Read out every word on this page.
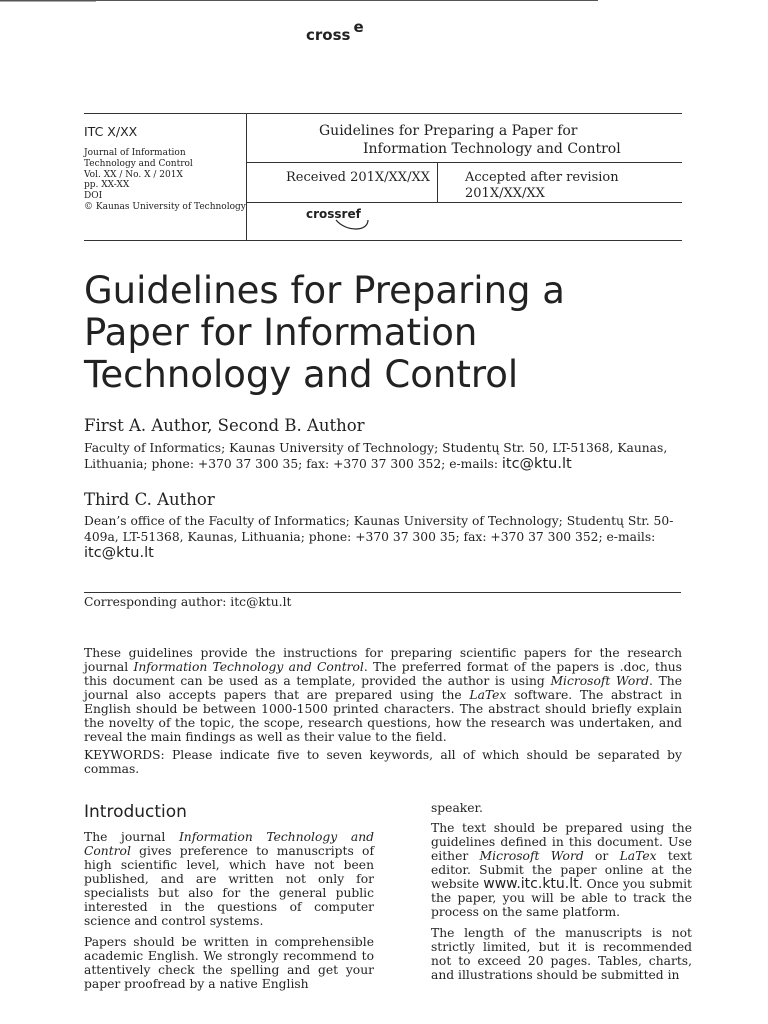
cross $^e$
ITC X/XX
Journal of Information
Technology and Control
Vol. XX / No. X / 201X
pp. XX-XX
DOI
© Kaunas University of Technology
Guidelines for Preparing a Paper for
Information Technology and Control
Received 201X/XX/XX	Accepted after revision
201X/XX/XX
crossref
Guidelines for Preparing a
Paper for Information
Technology and Control
First A. Author, Second B. Author
Faculty of Informatics; Kaunas University of Technology; Studentų Str. 50, LT-51368, Kaunas, Lithuania; phone: +370 37 300 35; fax: +370 37 300 352; e-mails: itc@ktu.lt
Third C. Author
Dean’s office of the Faculty of Informatics; Kaunas University of Technology; Studentų Str. 50-409a, LT-51368, Kaunas, Lithuania; phone: +370 37 300 35; fax: +370 37 300 352; e-mails: itc@ktu.lt
Corresponding author: itc@ktu.lt
These guidelines provide the instructions for preparing scientific papers for the research journal Information Technology and Control. The preferred format of the papers is .doc, thus this document can be used as a template, provided the author is using Microsoft Word. The journal also accepts papers that are prepared using the LaTex software. The abstract in English should be between 1000-1500 printed characters. The abstract should briefly explain the novelty of the topic, the scope, research questions, how the research was undertaken, and reveal the main findings as well as their value to the field.
KEYWORDS: Please indicate five to seven keywords, all of which should be separated by commas.
Introduction

The journal Information Technology and Control gives preference to manuscripts of high scientific level, which have not been published, and are written not only for specialists but also for the general public interested in the questions of computer science and control systems.

Papers should be written in comprehensible academic English. We strongly recommend to attentively check the spelling and get your paper proofread by a native English

speaker.

The text should be prepared using the guidelines defined in this document. Use either Microsoft Word or LaTex text editor. Submit the paper online at the website www.itc.ktu.lt. Once you submit the paper, you will be able to track the process on the same platform.

The length of the manuscripts is not strictly limited, but it is recommended not to exceed 20 pages. Tables, charts, and illustrations should be submitted in
